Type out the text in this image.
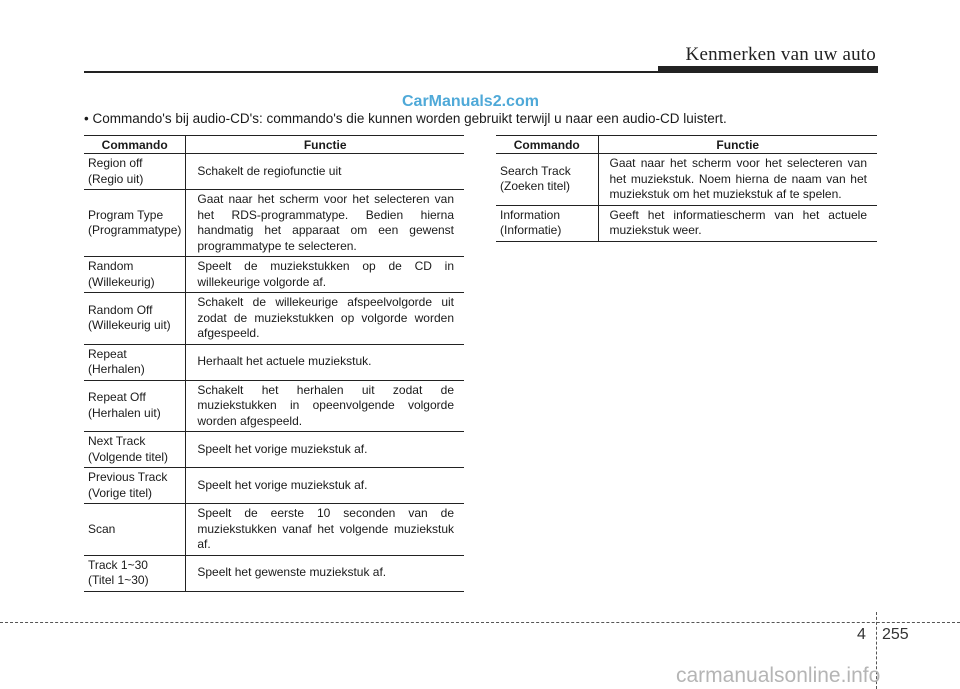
Kenmerken van uw auto
CarManuals2.com
• Commando's bij audio-CD's: commando's die kunnen worden gebruikt terwijl u naar een audio-CD luistert.
Commando	Functie
Region off
(Regio uit)	Schakelt de regiofunctie uit
Program Type
(Programmatype)	Gaat naar het scherm voor het selecteren van het RDS-programmatype. Bedien hierna handmatig het apparaat om een gewenst programmatype te selecteren.
Random
(Willekeurig)	Speelt de muziekstukken op de CD in willekeurige volgorde af.
Random Off
(Willekeurig uit)	Schakelt de willekeurige afspeelvolgorde uit zodat de muziekstukken op volgorde worden afgespeeld.
Repeat
(Herhalen)	Herhaalt het actuele muziekstuk.
Repeat Off
(Herhalen uit)	Schakelt het herhalen uit zodat de muziekstukken in opeenvolgende volgorde worden afgespeeld.
Next Track
(Volgende titel)	Speelt het vorige muziekstuk af.
Previous Track
(Vorige titel)	Speelt het vorige muziekstuk af.
Scan	Speelt de eerste 10 seconden van de muziekstukken vanaf het volgende muziekstuk af.
Track 1~30
(Titel 1~30)	Speelt het gewenste muziekstuk af.
Commando	Functie
Search Track
(Zoeken titel)	Gaat naar het scherm voor het selecteren van het muziekstuk. Noem hierna de naam van het muziekstuk om het muziekstuk af te spelen.
Information
(Informatie)	Geeft het informatiescherm van het actuele muziekstuk weer.
4 255
carmanualsonline.info
